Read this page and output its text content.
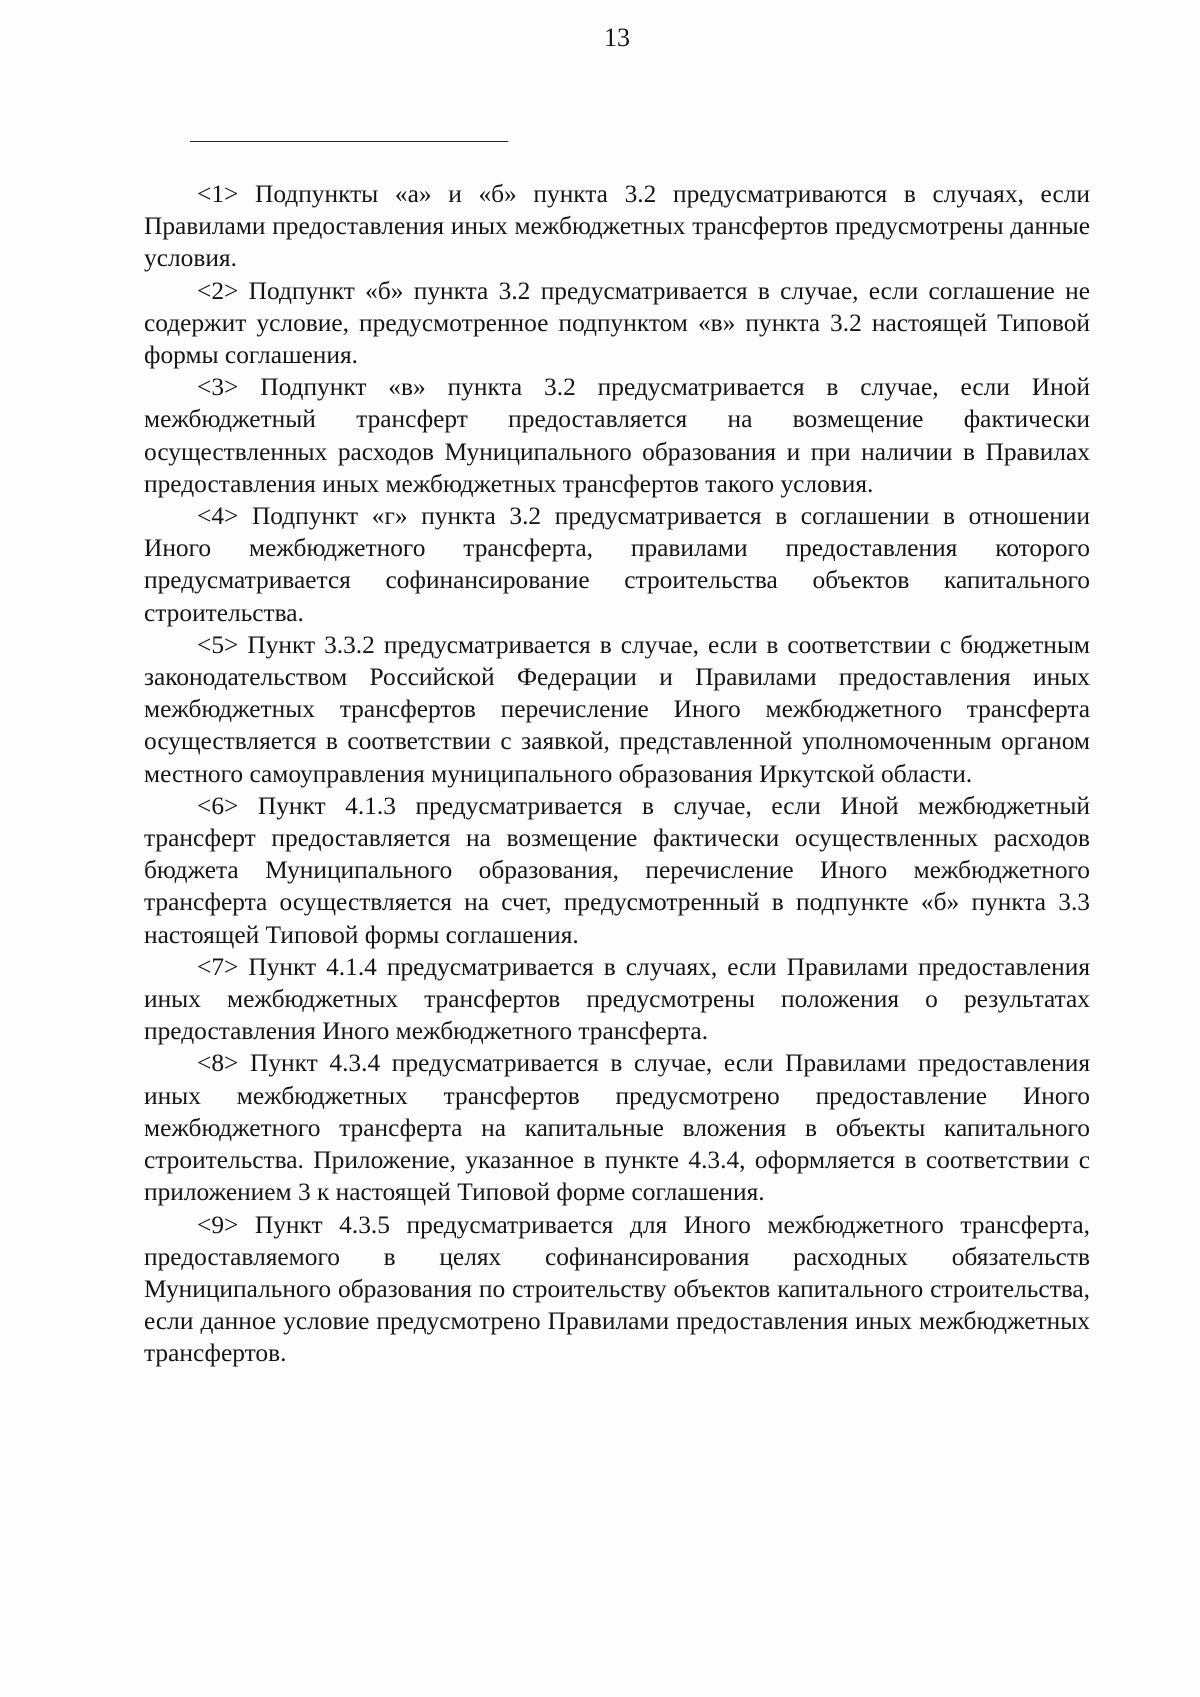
13

<1> Подпункты «а» и «б» пункта 3.2 предусматриваются в случаях, если Правилами предоставления иных межбюджетных трансфертов предусмотрены данные условия.

<2> Подпункт «б» пункта 3.2 предусматривается в случае, если соглашение не содержит условие, предусмотренное подпунктом «в» пункта 3.2 настоящей Типовой формы соглашения.

<3> Подпункт «в» пункта 3.2 предусматривается в случае, если Иной межбюджетный трансферт предоставляется на возмещение фактически осуществленных расходов Муниципального образования и при наличии в Правилах предоставления иных межбюджетных трансфертов такого условия.

<4> Подпункт «г» пункта 3.2 предусматривается в соглашении в отношении Иного межбюджетного трансферта, правилами предоставления которого предусматривается софинансирование строительства объектов капитального строительства.

<5> Пункт 3.3.2 предусматривается в случае, если в соответствии с бюджетным законодательством Российской Федерации и Правилами предоставления иных межбюджетных трансфертов перечисление Иного межбюджетного трансферта осуществляется в соответствии с заявкой, представленной уполномоченным органом местного самоуправления муниципального образования Иркутской области.

<6> Пункт 4.1.3 предусматривается в случае, если Иной межбюджетный трансферт предоставляется на возмещение фактически осуществленных расходов бюджета Муниципального образования, перечисление Иного межбюджетного трансферта осуществляется на счет, предусмотренный в подпункте «б» пункта 3.3 настоящей Типовой формы соглашения.

<7> Пункт 4.1.4 предусматривается в случаях, если Правилами предоставления иных межбюджетных трансфертов предусмотрены положения о результатах предоставления Иного межбюджетного трансферта.

<8> Пункт 4.3.4 предусматривается в случае, если Правилами предоставления иных межбюджетных трансфертов предусмотрено предоставление Иного межбюджетного трансферта на капитальные вложения в объекты капитального строительства. Приложение, указанное в пункте 4.3.4, оформляется в соответствии с приложением 3 к настоящей Типовой форме соглашения.

<9> Пункт 4.3.5 предусматривается для Иного межбюджетного трансферта, предоставляемого в целях софинансирования расходных обязательств Муниципального образования по строительству объектов капитального строительства, если данное условие предусмотрено Правилами предоставления иных межбюджетных трансфертов.
